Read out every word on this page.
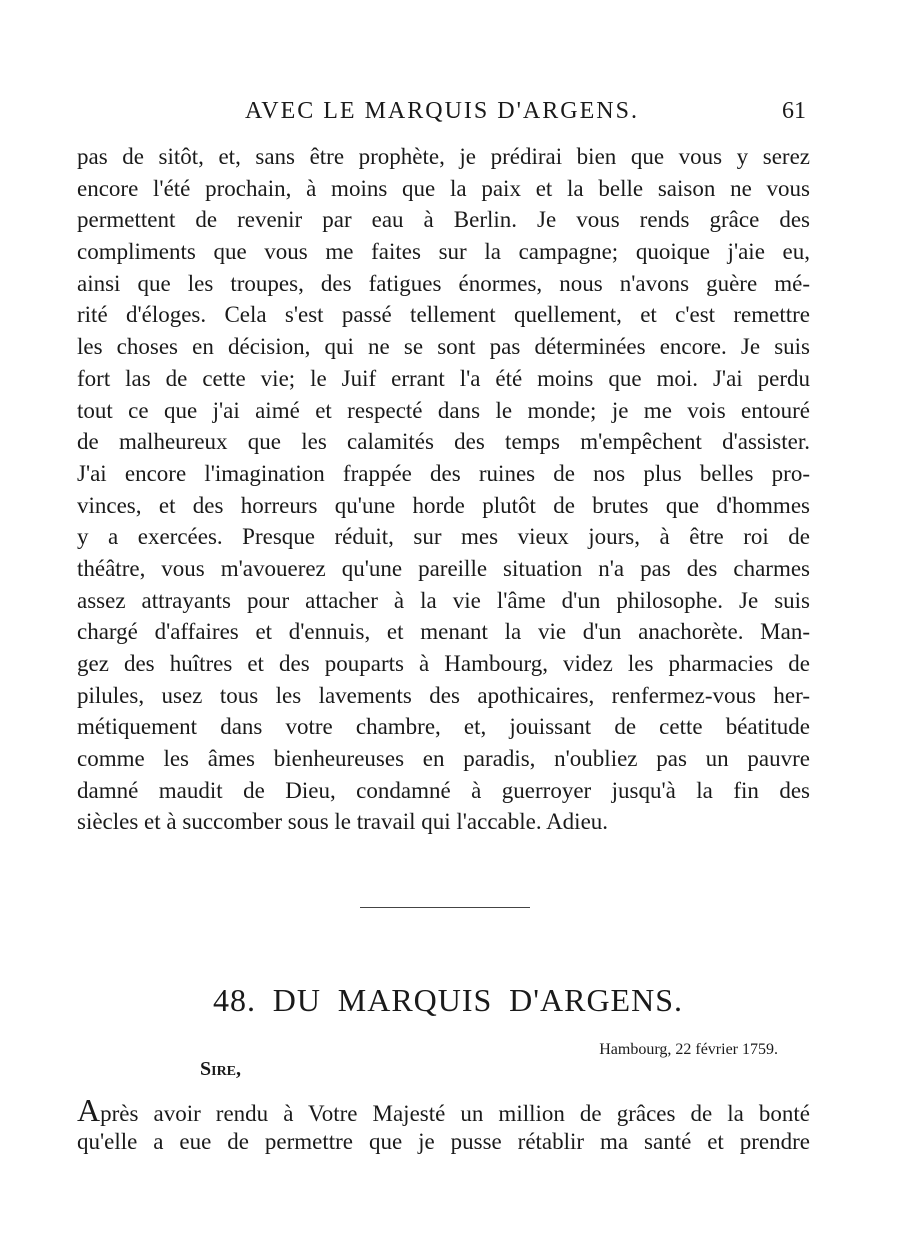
AVEC LE MARQUIS D'ARGENS.	61
pas de sitôt, et, sans être prophète, je prédirai bien que vous y serez
encore l'été prochain, à moins que la paix et la belle saison ne vous
permettent de revenir par eau à Berlin. Je vous rends grâce des
compliments que vous me faites sur la campagne; quoique j'aie eu,
ainsi que les troupes, des fatigues énormes, nous n'avons guère mé-
rité d'éloges. Cela s'est passé tellement quellement, et c'est remettre
les choses en décision, qui ne se sont pas déterminées encore. Je suis
fort las de cette vie; le Juif errant l'a été moins que moi. J'ai perdu
tout ce que j'ai aimé et respecté dans le monde; je me vois entouré
de malheureux que les calamités des temps m'empêchent d'assister.
J'ai encore l'imagination frappée des ruines de nos plus belles pro-
vinces, et des horreurs qu'une horde plutôt de brutes que d'hommes
y a exercées. Presque réduit, sur mes vieux jours, à être roi de
théâtre, vous m'avouerez qu'une pareille situation n'a pas des charmes
assez attrayants pour attacher à la vie l'âme d'un philosophe. Je suis
chargé d'affaires et d'ennuis, et menant la vie d'un anachorète. Man-
gez des huîtres et des pouparts à Hambourg, videz les pharmacies de
pilules, usez tous les lavements des apothicaires, renfermez-vous her-
métiquement dans votre chambre, et, jouissant de cette béatitude
comme les âmes bienheureuses en paradis, n'oubliez pas un pauvre
damné maudit de Dieu, condamné à guerroyer jusqu'à la fin des
siècles et à succomber sous le travail qui l'accable. Adieu.
48. DU MARQUIS D'ARGENS.
Hambourg, 22 février 1759.
Sire,
Après avoir rendu à Votre Majesté un million de grâces de la bonté
qu'elle a eue de permettre que je pusse rétablir ma santé et prendre
